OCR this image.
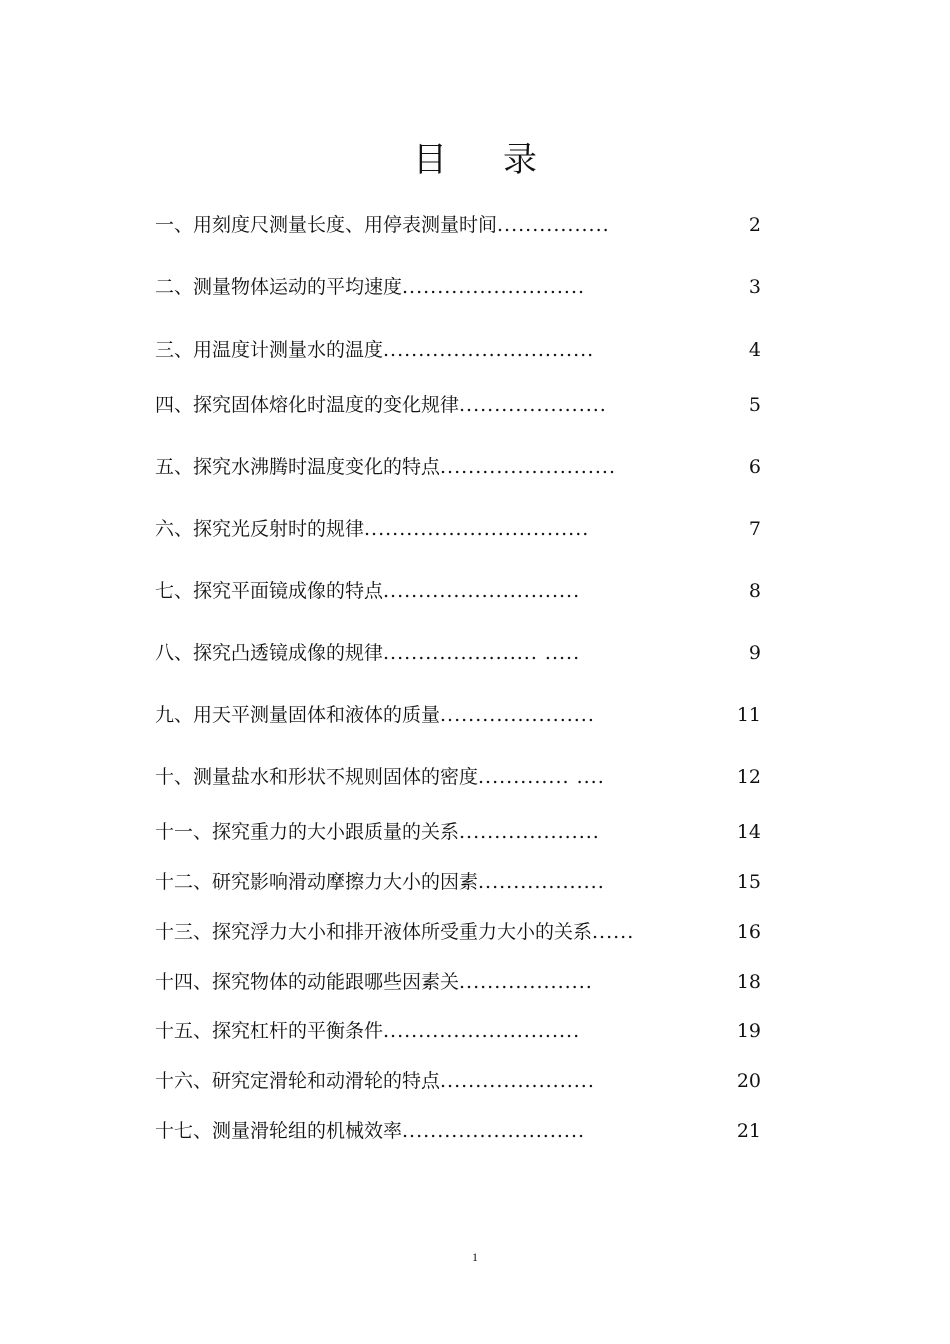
目 录
一、用刻度尺测量长度、用停表测量时间 ................	2
二、测量物体运动的平均速度 ..........................	3
三、用温度计测量水的温度 ..............................	4
四、探究固体熔化时温度的变化规律 .....................	5
五、探究水沸腾时温度变化的特点 .........................	6
六、探究光反射时的规律 ................................	7
七、探究平面镜成像的特点 ............................	8
八、探究凸透镜成像的规律 ...................... .....	9
九、用天平测量固体和液体的质量 ......................	11
十、测量盐水和形状不规则固体的密度 ............. ....	12
十一、探究重力的大小跟质量的关系 ....................	14
十二、研究影响滑动摩擦力大小的因素 ..................	15
十三、探究浮力大小和排开液体所受重力大小的关系 ......	16
十四、探究物体的动能跟哪些因素关 ...................	18
十五、探究杠杆的平衡条件 ............................	19
十六、研究定滑轮和动滑轮的特点 ......................	20
十七、测量滑轮组的机械效率 ..........................	21
1
